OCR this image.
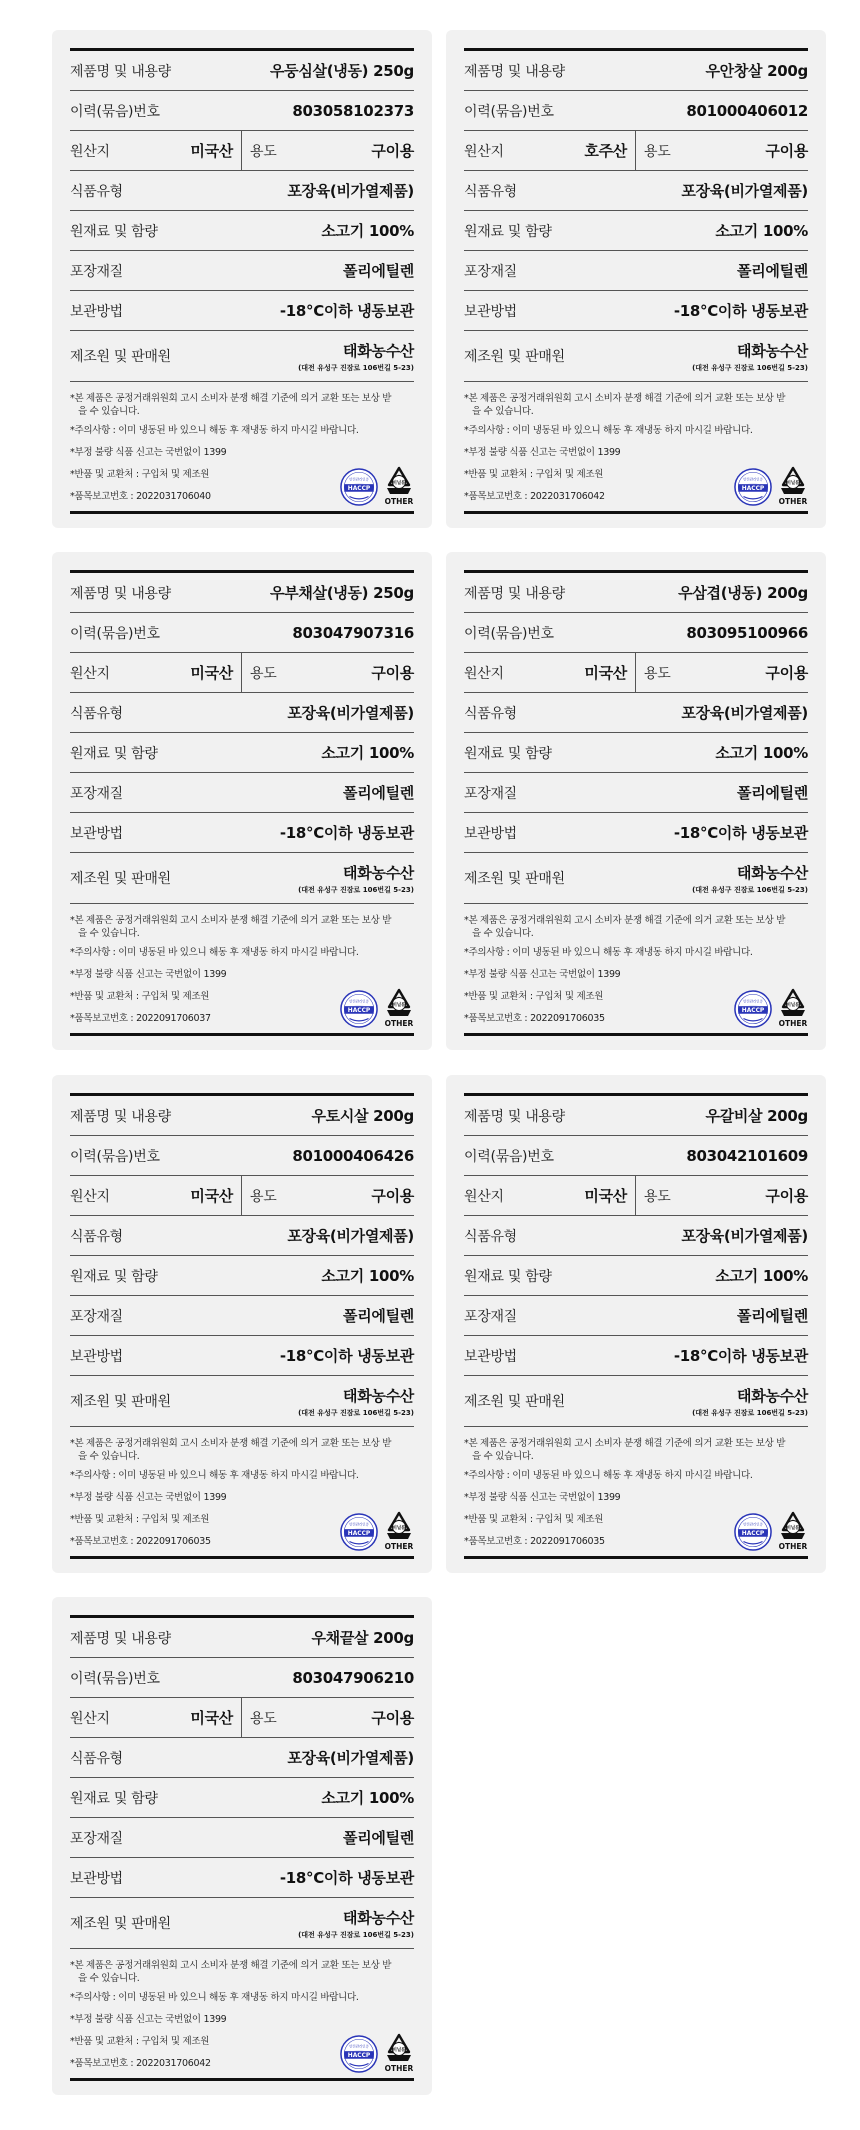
제품명 및 내용량	우둥심살(냉동) 250g
이력(묶음)번호	803058102373
원산지	미국산 용도	구이용
식품유형	포장육(비가열제품)
원재료 및 함량	소고기 100%
포장재질	폴리에틸렌
보관방법	-18°C이하 냉동보관
제조원 및 판매원	태화농수산
(대전 유성구 진잠로 106번길 5-23)
*본 제품은 공정거래위원회 고시 소비자 분쟁 해결 기준에 의거 교환 또는 보상 받
을 수 있습니다.
*주의사항 : 이미 냉동된 바 있으니 해동 후 재냉동 하지 마시길 바랍니다.
*부정 불량 식품 신고는 국번없이 1399
*반품 및 교환처 : 구입처 및 제조원
*품목보고번호 : 2022031706040
HACCP
안전관리인증
비닐류
OTHER
제품명 및 내용량	우안창살 200g
이력(묶음)번호	801000406012
원산지	호주산 용도	구이용
식품유형	포장육(비가열제품)
원재료 및 함량	소고기 100%
포장재질	폴리에틸렌
보관방법	-18°C이하 냉동보관
제조원 및 판매원	태화농수산
(대전 유성구 진잠로 106번길 5-23)
*본 제품은 공정거래위원회 고시 소비자 분쟁 해결 기준에 의거 교환 또는 보상 받
을 수 있습니다.
*주의사항 : 이미 냉동된 바 있으니 해동 후 재냉동 하지 마시길 바랍니다.
*부정 불량 식품 신고는 국번없이 1399
*반품 및 교환처 : 구입처 및 제조원
*품목보고번호 : 2022031706042
HACCP
안전관리인증
비닐류
OTHER
제품명 및 내용량	우부채살(냉동) 250g
이력(묶음)번호	803047907316
원산지	미국산 용도	구이용
식품유형	포장육(비가열제품)
원재료 및 함량	소고기 100%
포장재질	폴리에틸렌
보관방법	-18°C이하 냉동보관
제조원 및 판매원	태화농수산
(대전 유성구 진잠로 106번길 5-23)
*본 제품은 공정거래위원회 고시 소비자 분쟁 해결 기준에 의거 교환 또는 보상 받
을 수 있습니다.
*주의사항 : 이미 냉동된 바 있으니 해동 후 재냉동 하지 마시길 바랍니다.
*부정 불량 식품 신고는 국번없이 1399
*반품 및 교환처 : 구입처 및 제조원
*품목보고번호 : 2022091706037
HACCP
안전관리인증
비닐류
OTHER
제품명 및 내용량	우삼겹(냉동) 200g
이력(묶음)번호	803095100966
원산지	미국산 용도	구이용
식품유형	포장육(비가열제품)
원재료 및 함량	소고기 100%
포장재질	폴리에틸렌
보관방법	-18°C이하 냉동보관
제조원 및 판매원	태화농수산
(대전 유성구 진잠로 106번길 5-23)
*본 제품은 공정거래위원회 고시 소비자 분쟁 해결 기준에 의거 교환 또는 보상 받
을 수 있습니다.
*주의사항 : 이미 냉동된 바 있으니 해동 후 재냉동 하지 마시길 바랍니다.
*부정 불량 식품 신고는 국번없이 1399
*반품 및 교환처 : 구입처 및 제조원
*품목보고번호 : 2022091706035
HACCP
안전관리인증
비닐류
OTHER
제품명 및 내용량	우토시살 200g
이력(묶음)번호	801000406426
원산지	미국산 용도	구이용
식품유형	포장육(비가열제품)
원재료 및 함량	소고기 100%
포장재질	폴리에틸렌
보관방법	-18°C이하 냉동보관
제조원 및 판매원	태화농수산
(대전 유성구 진잠로 106번길 5-23)
*본 제품은 공정거래위원회 고시 소비자 분쟁 해결 기준에 의거 교환 또는 보상 받
을 수 있습니다.
*주의사항 : 이미 냉동된 바 있으니 해동 후 재냉동 하지 마시길 바랍니다.
*부정 불량 식품 신고는 국번없이 1399
*반품 및 교환처 : 구입처 및 제조원
*품목보고번호 : 2022091706035
HACCP
안전관리인증
비닐류
OTHER
제품명 및 내용량	우갈비살 200g
이력(묶음)번호	803042101609
원산지	미국산 용도	구이용
식품유형	포장육(비가열제품)
원재료 및 함량	소고기 100%
포장재질	폴리에틸렌
보관방법	-18°C이하 냉동보관
제조원 및 판매원	태화농수산
(대전 유성구 진잠로 106번길 5-23)
*본 제품은 공정거래위원회 고시 소비자 분쟁 해결 기준에 의거 교환 또는 보상 받
을 수 있습니다.
*주의사항 : 이미 냉동된 바 있으니 해동 후 재냉동 하지 마시길 바랍니다.
*부정 불량 식품 신고는 국번없이 1399
*반품 및 교환처 : 구입처 및 제조원
*품목보고번호 : 2022091706035
HACCP
안전관리인증
비닐류
OTHER
제품명 및 내용량	우채끝살 200g
이력(묶음)번호	803047906210
원산지	미국산 용도	구이용
식품유형	포장육(비가열제품)
원재료 및 함량	소고기 100%
포장재질	폴리에틸렌
보관방법	-18°C이하 냉동보관
제조원 및 판매원	태화농수산
(대전 유성구 진잠로 106번길 5-23)
*본 제품은 공정거래위원회 고시 소비자 분쟁 해결 기준에 의거 교환 또는 보상 받
을 수 있습니다.
*주의사항 : 이미 냉동된 바 있으니 해동 후 재냉동 하지 마시길 바랍니다.
*부정 불량 식품 신고는 국번없이 1399
*반품 및 교환처 : 구입처 및 제조원
*품목보고번호 : 2022031706042
HACCP
안전관리인증
비닐류
OTHER
